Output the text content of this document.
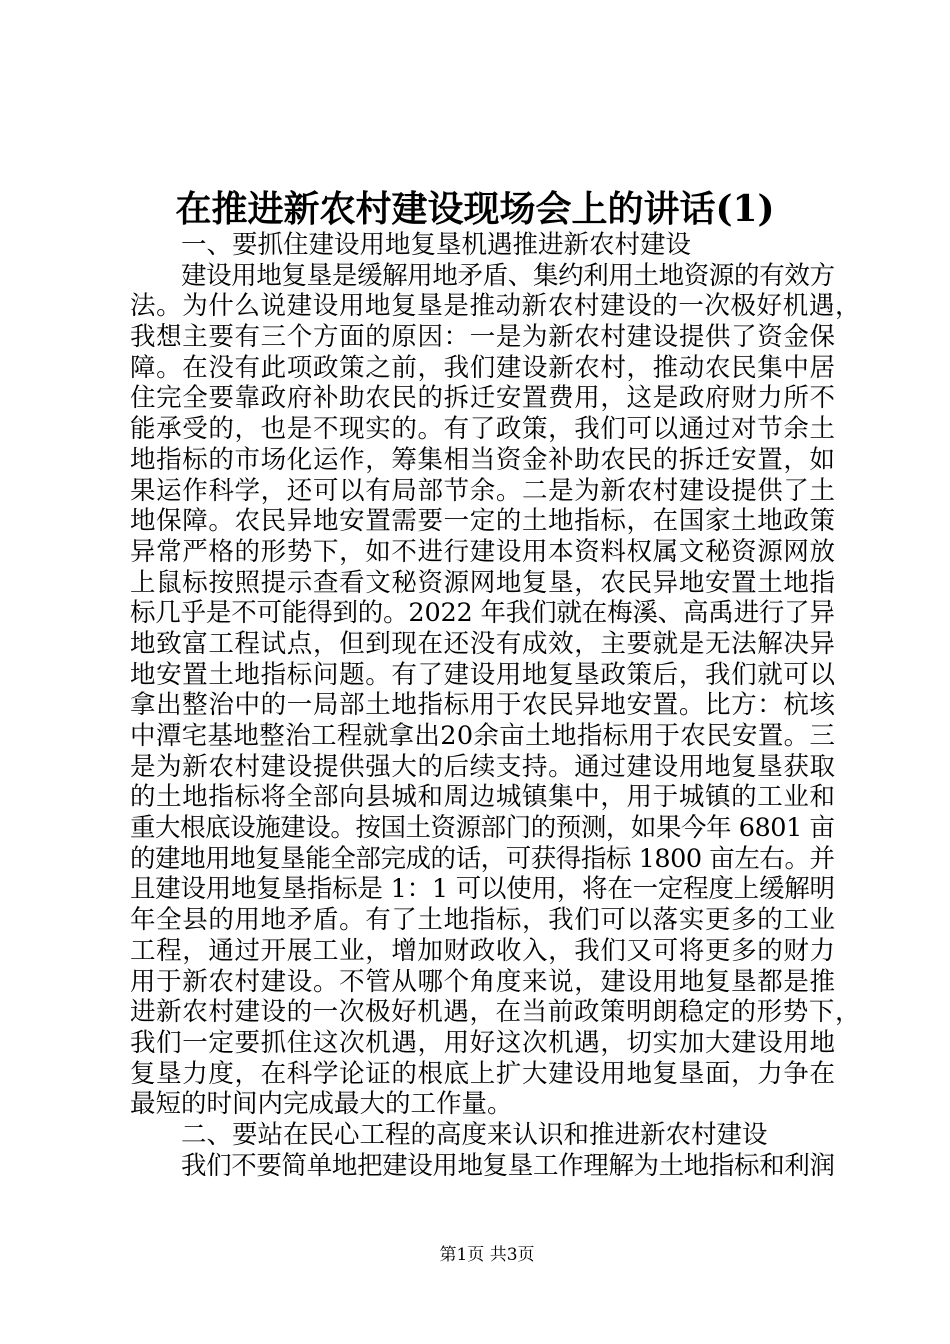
在推进新农村建设现场会上的讲话(1)
一、要抓住建设用地复垦机遇推进新农村建设
建设用地复垦是缓解用地矛盾、集约利用土地资源的有效方
法。为什么说建设用地复垦是推动新农村建设的一次极好机遇，
我想主要有三个方面的原因：一是为新农村建设提供了资金保
障。在没有此项政策之前，我们建设新农村，推动农民集中居
住完全要靠政府补助农民的拆迁安置费用，这是政府财力所不
能承受的，也是不现实的。有了政策，我们可以通过对节余土
地指标的市场化运作，筹集相当资金补助农民的拆迁安置，如
果运作科学，还可以有局部节余。二是为新农村建设提供了土
地保障。农民异地安置需要一定的土地指标，在国家土地政策
异常严格的形势下，如不进行建设用本资料权属文秘资源网放
上鼠标按照提示查看文秘资源网地复垦，农民异地安置土地指
标几乎是不可能得到的。2022 年我们就在梅溪、高禹进行了异
地致富工程试点，但到现在还没有成效，主要就是无法解决异
地安置土地指标问题。有了建设用地复垦政策后，我们就可以
拿出整治中的一局部土地指标用于农民异地安置。比方：杭垓
中潭宅基地整治工程就拿出20余亩土地指标用于农民安置。三
是为新农村建设提供强大的后续支持。通过建设用地复垦获取
的土地指标将全部向县城和周边城镇集中，用于城镇的工业和
重大根底设施建设。按国土资源部门的预测，如果今年 6801 亩
的建地用地复垦能全部完成的话，可获得指标 1800 亩左右。并
且建设用地复垦指标是 1：1 可以使用，将在一定程度上缓解明
年全县的用地矛盾。有了土地指标，我们可以落实更多的工业
工程，通过开展工业，增加财政收入，我们又可将更多的财力
用于新农村建设。不管从哪个角度来说，建设用地复垦都是推
进新农村建设的一次极好机遇，在当前政策明朗稳定的形势下，
我们一定要抓住这次机遇，用好这次机遇，切实加大建设用地
复垦力度，在科学论证的根底上扩大建设用地复垦面，力争在
最短的时间内完成最大的工作量。
二、要站在民心工程的高度来认识和推进新农村建设
我们不要简单地把建设用地复垦工作理解为土地指标和利润
第1页 共3页
